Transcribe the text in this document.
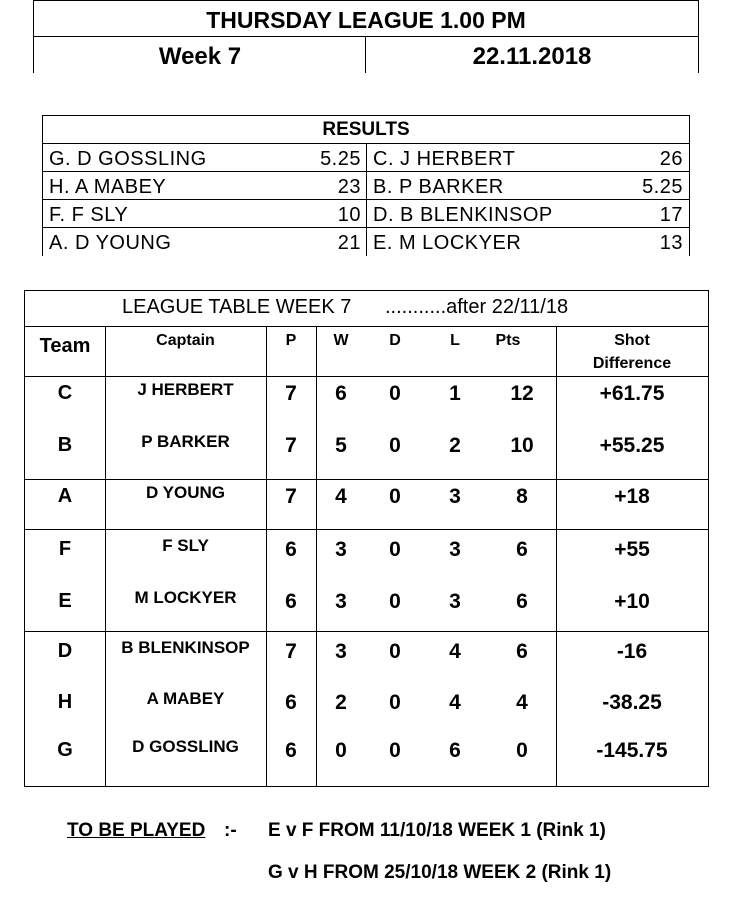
THURSDAY LEAGUE 1.00 PM
Week 7	22.11.2018
RESULTS
G. D GOSSLING	5.25 C. J HERBERT	26
H. A MABEY	23 B. P BARKER	5.25
F. F SLY	10 D. B BLENKINSOP	17
A. D YOUNG	21 E. M LOCKYER	13
LEAGUE TABLE WEEK 7 ...........after 22/11/18
Team	Captain	P	W	D	L	Pts	Shot
Difference
C	J HERBERT	7	6	0	1	12	+61.75
B	P BARKER	7	5	0	2	10	+55.25
A	D YOUNG	7	4	0	3	8	+18
F	F SLY	6	3	0	3	6	+55
E	M LOCKYER	6	3	0	3	6	+10
D	B BLENKINSOP	7	3	0	4	6	-16
H	A MABEY	6	2	0	4	4	-38.25
G	D GOSSLING	6	0	0	6	0	-145.75
TO BE PLAYED :- E v F FROM 11/10/18 WEEK 1 (Rink 1)
G v H FROM 25/10/18 WEEK 2 (Rink 1)
